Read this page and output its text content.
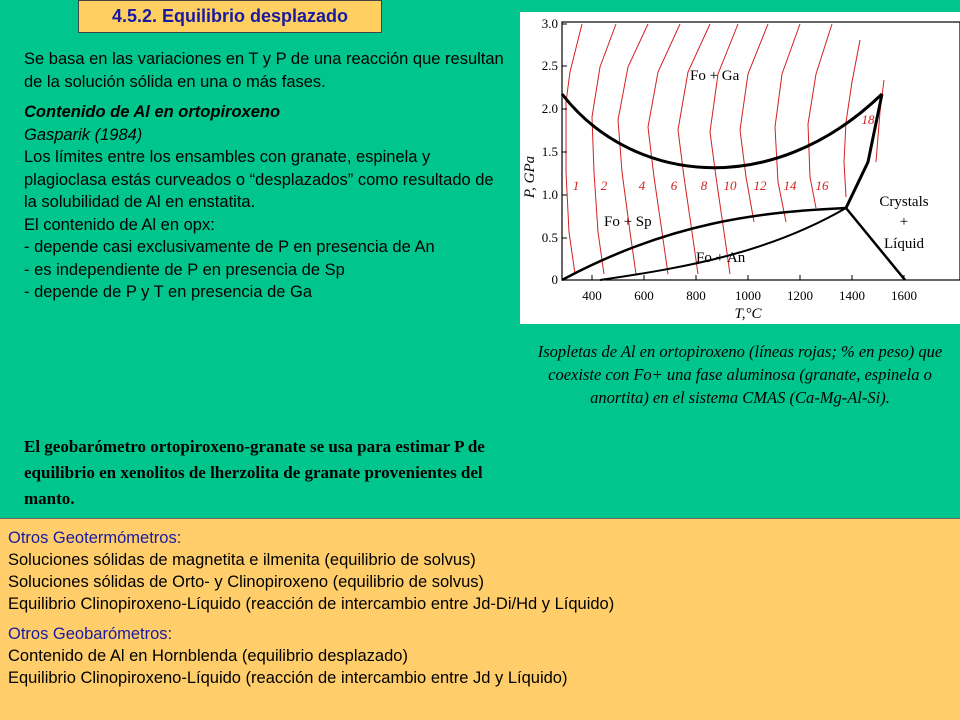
4.5.2. Equilibrio desplazado

Se basa en las variaciones en T y P de una reacción que resultan de la solución sólida en una o más fases.

Contenido de Al en ortopiroxeno

Gasparik (1984)

Los límites entre los ensambles con granate, espinela y plagioclasa estás curveados o “desplazados” como resultado de la solubilidad de Al en enstatita.

El contenido de Al en opx:

- depende casi exclusivamente de P en presencia de An

- es independiente de P en presencia de Sp

- depende de P y T en presencia de Ga

El geobarómetro ortopiroxeno-granate se usa para estimar P de equilibrio en xenolitos de lherzolita de granate provenientes del manto.
0
0.5
1.0
1.5
2.0
2.5
3.0
400	600	800 1000 1200 1400 1600
T,°C
P, GPa
Fo + Ga
Fo + Sp
Fo + An
Crystals
+
Líquid
1 2 4 6 8 10 12 14 16
18
Isopletas de Al en ortopiroxeno (líneas rojas; % en peso) que coexiste con Fo+ una fase aluminosa (granate, espinela o anortita) en el sistema CMAS (Ca-Mg-Al-Si).

Otros Geotermómetros:

Soluciones sólidas de magnetita e ilmenita (equilibrio de solvus)

Soluciones sólidas de Orto- y Clinopiroxeno (equilibrio de solvus)

Equilibrio Clinopiroxeno-Líquido (reacción de intercambio entre Jd-Di/Hd y Líquido)

Otros Geobarómetros:

Contenido de Al en Hornblenda (equilibrio desplazado)

Equilibrio Clinopiroxeno-Líquido (reacción de intercambio entre Jd y Líquido)
